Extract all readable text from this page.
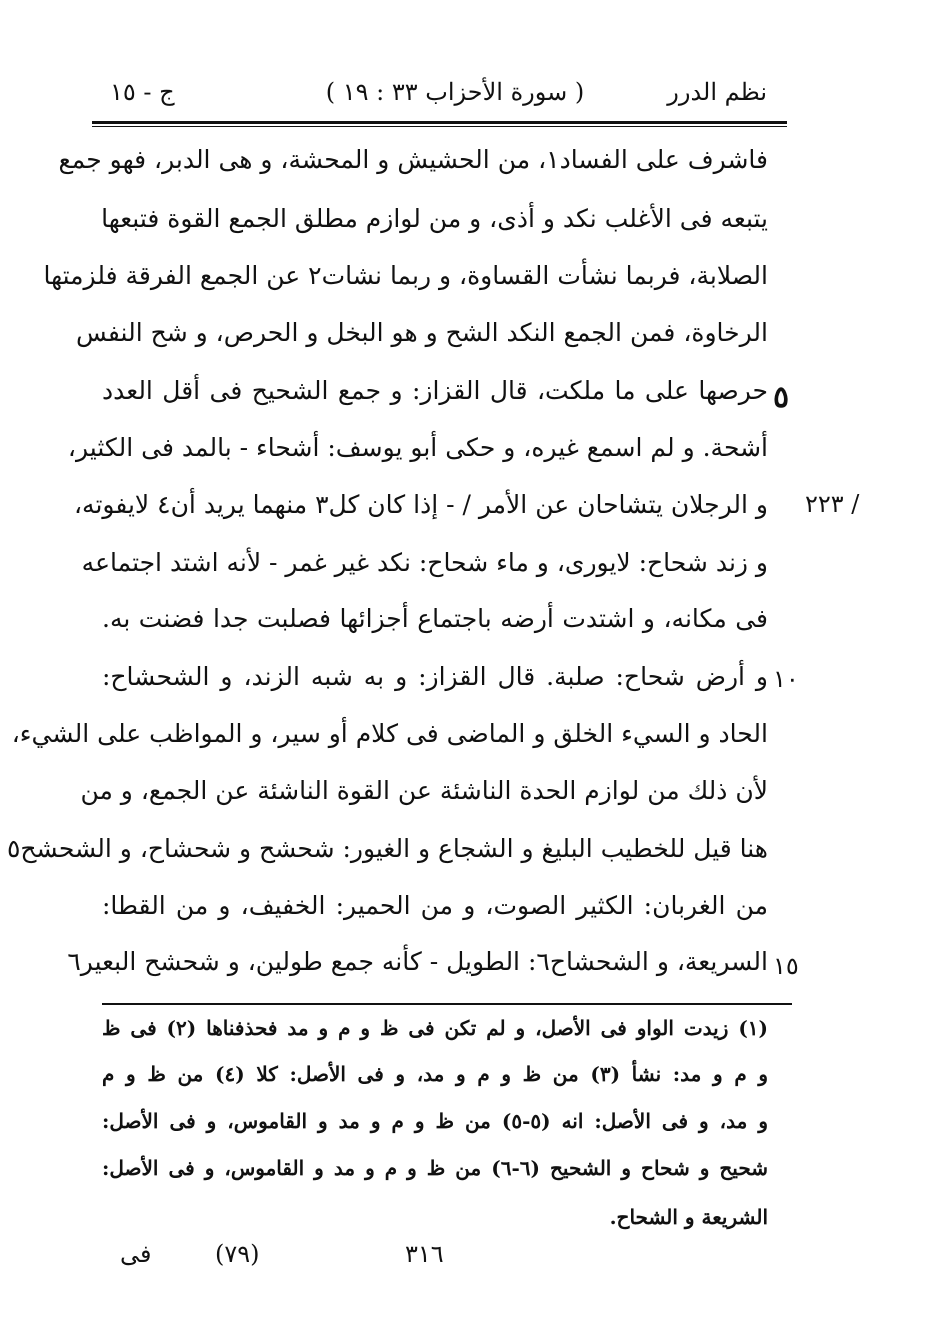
نظم الدرر
( سورة الأحزاب ٣٣ : ١٩ )
ج - ١٥
فاشرف على الفساد١، من الحشيش و المحشة، و هى الدبر، فهو جمع
يتبعه فى الأغلب نكد و أذى، و من لوازم مطلق الجمع القوة فتبعها
الصلابة، فربما نشأت القساوة، و ربما نشات٢ عن الجمع الفرقة فلزمتها
الرخاوة، فمن الجمع النكد الشح و هو البخل و الحرص، و شح النفس
حرصها على ما ملكت، قال القزاز: و جمع الشحيح فى أقل العدد
أشحة. و لم اسمع غيره، و حكى أبو يوسف: أشحاء - بالمد فى الكثير،
و الرجلان يتشاحان عن الأمر / - إذا كان كل٣ منهما يريد أن٤ لايفوته،
و زند شحاح: لايورى، و ماء شحاح: نكد غير غمر - لأنه اشتد اجتماعه
فى مكانه، و اشتدت أرضه باجتماع أجزائها فصلبت جدا فضنت به.
و أرض شحاح: صلبة. قال القزاز: و به شبه الزند، و الشحشاح:
الحاد و السيء الخلق و الماضى فى كلام أو سير، و المواظب على الشيء،
لأن ذلك من لوازم الحدة الناشئة عن القوة الناشئة عن الجمع، و من
هنا قيل للخطيب البليغ و الشجاع و الغيور: شحشح و شحشاح، و الشحشح٥
من الغربان: الكثير الصوت، و من الحمير: الخفيف، و من القطا:
السريعة، و الشحشاح٦: الطويل - كأنه جمع طولين، و شحشح البعير٦
٥
١٠
١٥
٢٢٣ /
(١) زيدت الواو فى الأصل، و لم تكن فى ظ و م و مد فحذفناها (٢) فى ظ
و م و مد: نشأ (٣) من ظ و م و مد، و فى الأصل: كلا (٤) من ظ و م
و مد، و فى الأصل: انه (٥-٥) من ظ و م و مد و القاموس، و فى الأصل:
شحيح و شحاح و الشحيح (٦-٦) من ظ و م و مد و القاموس، و فى الأصل:
الشريعة و الشحاح.
٣١٦
(٧٩)
فى
